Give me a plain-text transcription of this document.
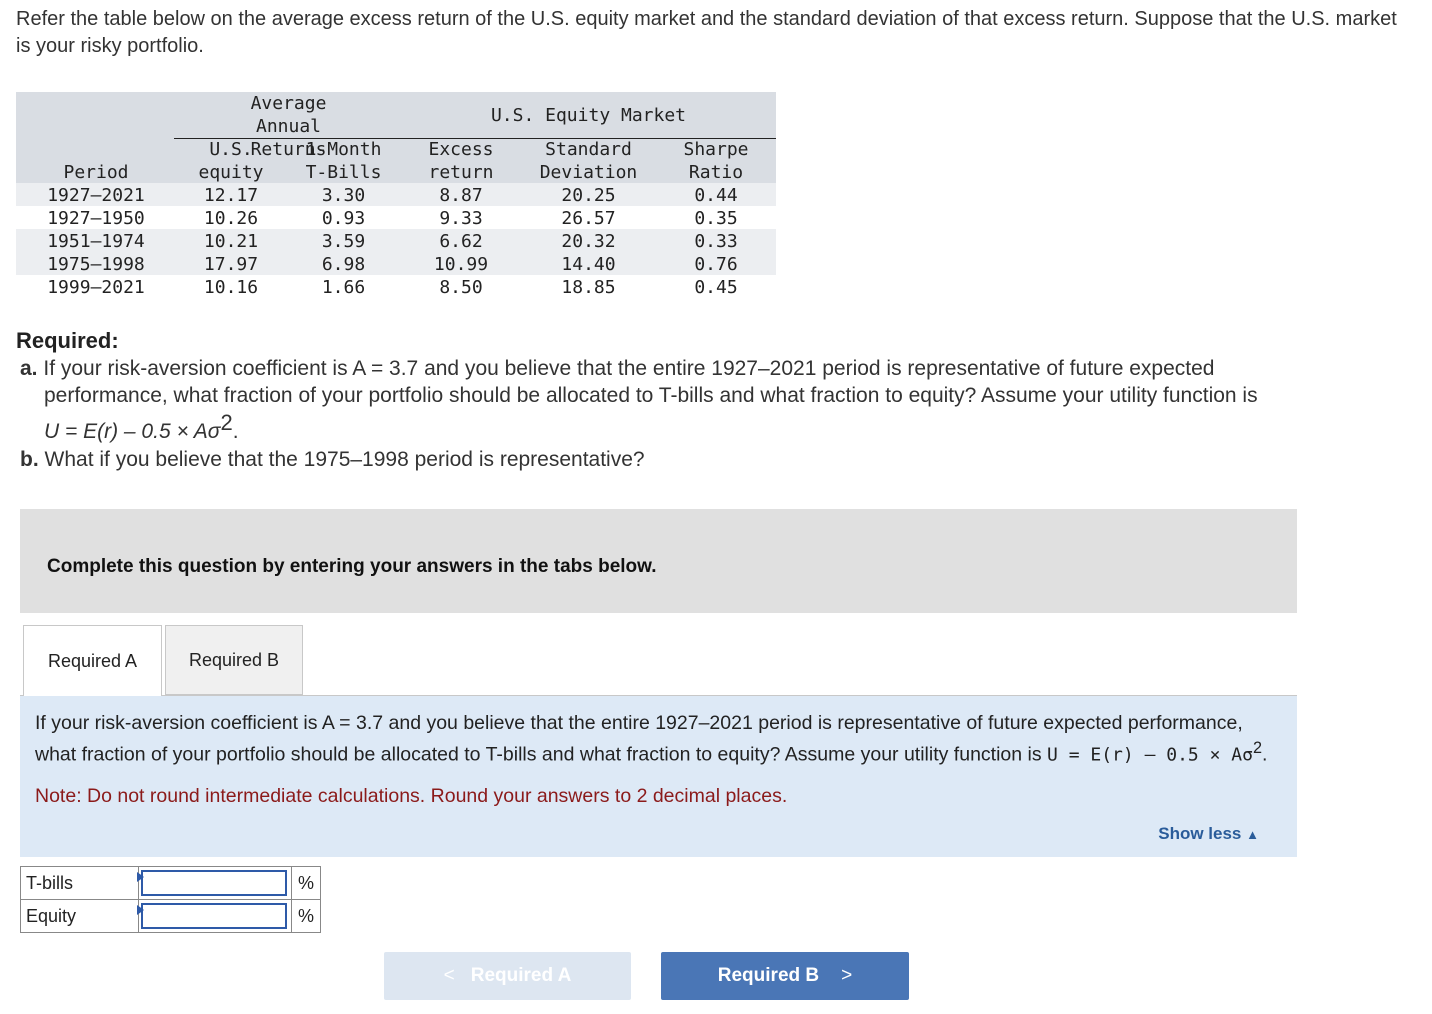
Refer the table below on the average excess return of the U.S. equity market and the standard deviation of that excess return. Suppose that the U.S. market is your risky portfolio.
Average Annual Returns
U.S. Equity Market
Period
U.S.
equity
1-Month
T-Bills
Excess
return
Standard
Deviation
Sharpe
Ratio
1927–2021	12.17	3.30	8.87	20.25	0.44
1927–1950	10.26	0.93	9.33	26.57	0.35
1951–1974	10.21	3.59	6.62	20.32	0.33
1975–1998	17.97	6.98	10.99	14.40	0.76
1999–2021	10.16	1.66	8.50	18.85	0.45
Required:
a. If your risk-aversion coefficient is A = 3.7 and you believe that the entire 1927–2021 period is representative of future expected
performance, what fraction of your portfolio should be allocated to T-bills and what fraction to equity? Assume your utility function is
$U = E(r) - 0.5 \times A\sigma^2$.
b. What if you believe that the 1975–1998 period is representative?
Complete this question by entering your answers in the tabs below.
Required A	Required B
If your risk-aversion coefficient is A = 3.7 and you believe that the entire 1927–2021 period is representative of future expected performance, what fraction of your portfolio should be allocated to T-bills and what fraction to equity? Assume your utility function is $U = E(r) - 0.5 \times A\sigma^2$.
Note: Do not round intermediate calculations. Round your answers to 2 decimal places.
Show less ▲
T-bills		%
Equity		%
< Required A	Required B >
